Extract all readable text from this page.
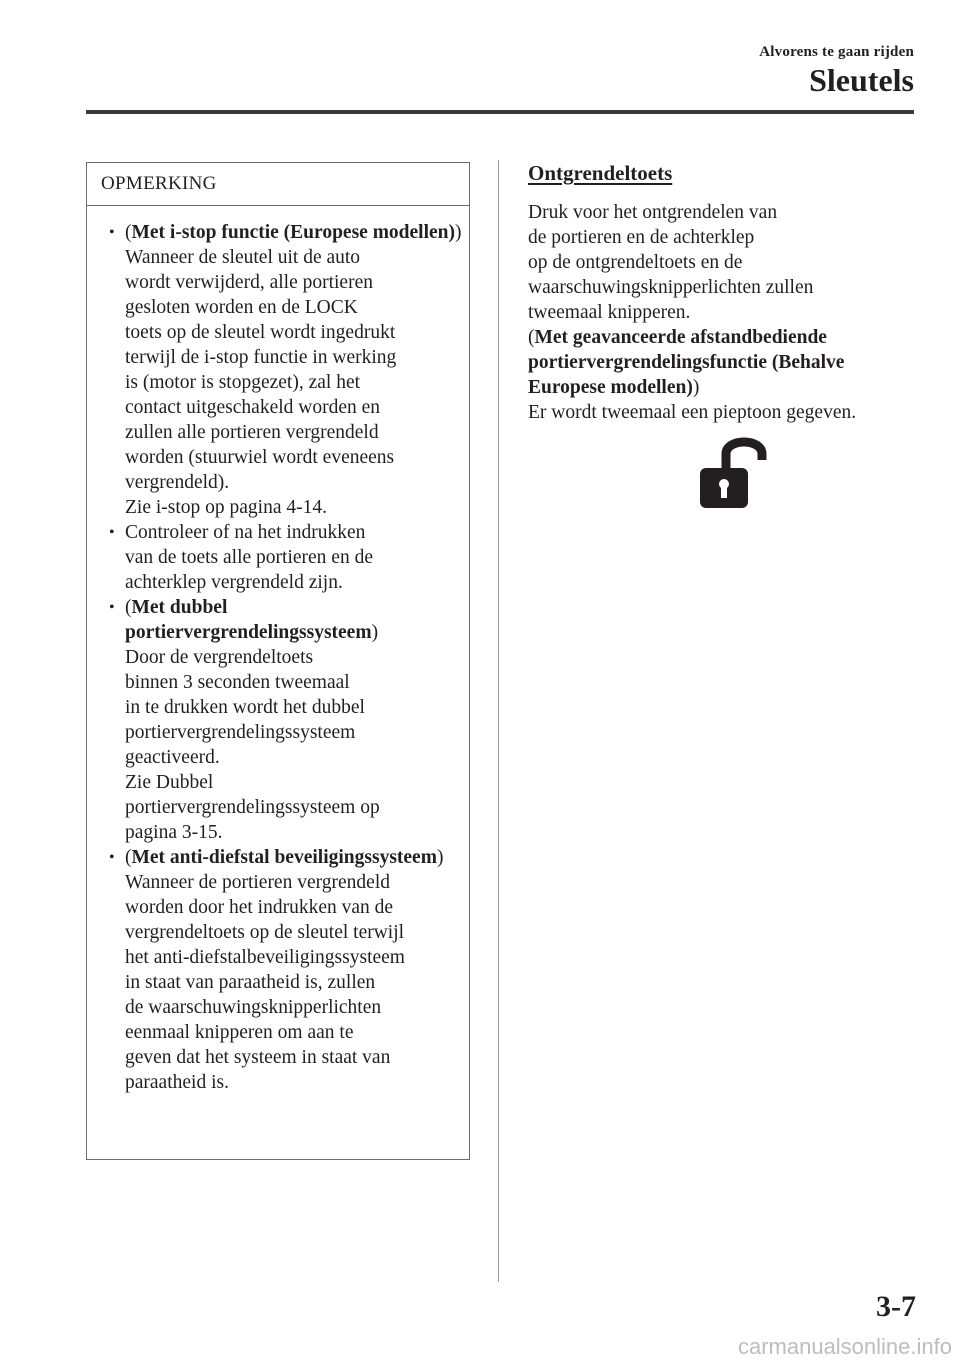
Alvorens te gaan rijden
Sleutels
OPMERKING
• (Met i-stop functie (Europese modellen))

Wanneer de sleutel uit de auto

wordt verwijderd, alle portieren

gesloten worden en de LOCK

toets op de sleutel wordt ingedrukt

terwijl de i-stop functie in werking

is (motor is stopgezet), zal het

contact uitgeschakeld worden en

zullen alle portieren vergrendeld

worden (stuurwiel wordt eveneens

vergrendeld).

Zie i-stop op pagina 4-14.

• Controleer of na het indrukken

van de toets alle portieren en de

achterklep vergrendeld zijn.

• (Met dubbel portiervergrendelingssysteem)

Door de vergrendeltoets

binnen 3 seconden tweemaal

in te drukken wordt het dubbel

portiervergrendelingssysteem

geactiveerd.

Zie Dubbel

portiervergrendelingssysteem op

pagina 3-15.

• (Met anti-diefstal beveiligingssysteem)

Wanneer de portieren vergrendeld

worden door het indrukken van de

vergrendeltoets op de sleutel terwijl

het anti-diefstalbeveiligingssysteem

in staat van paraatheid is, zullen

de waarschuwingsknipperlichten

eenmaal knipperen om aan te

geven dat het systeem in staat van

paraatheid is.

Ontgrendeltoets

Druk voor het ontgrendelen van

de portieren en de achterklep

op de ontgrendeltoets en de

waarschuwingsknipperlichten zullen

tweemaal knipperen.

(Met geavanceerde afstandbediende portiervergrendelingsfunctie (Behalve Europese modellen))

Er wordt tweemaal een pieptoon gegeven.

3-7
carmanualsonline.info
